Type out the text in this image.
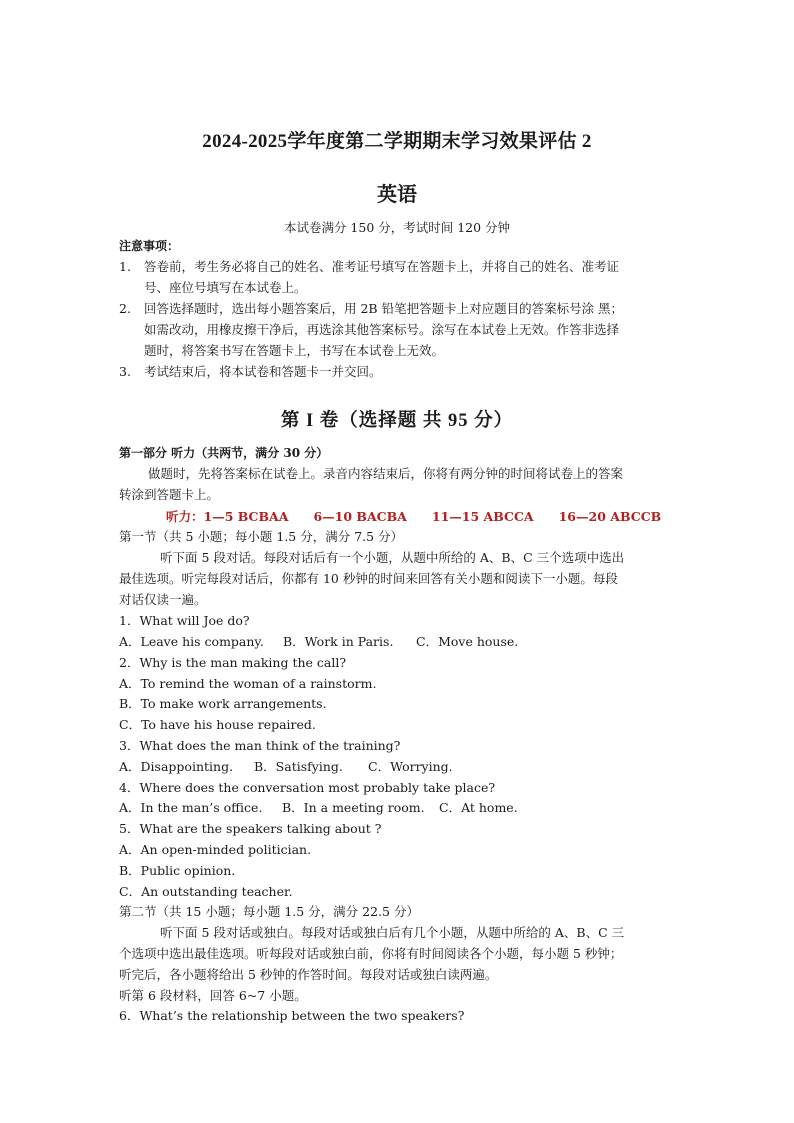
2024-2025学年度第二学期期末学习效果评估 2
英语
本试卷满分 150 分，考试时间 120 分钟
注意事项：
1. 答卷前，考生务必将自己的姓名、准考证号填写在答题卡上，并将自己的姓名、准考证
号、座位号填写在本试卷上。
2. 回答选择题时，选出每小题答案后，用 2B 铅笔把答题卡上对应题目的答案标号涂 黑；
如需改动，用橡皮擦干净后，再选涂其他答案标号。涂写在本试卷上无效。作答非选择
题时，将答案书写在答题卡上，书写在本试卷上无效。
3. 考试结束后，将本试卷和答题卡一并交回。
第 I 卷（选择题 共 95 分）
第一部分 听力（共两节，满分 30 分）
做题时，先将答案标在试卷上。录音内容结束后，你将有两分钟的时间将试卷上的答案
转涂到答题卡上。
听力：1—5 BCBAA　　6—10 BACBA　　11—15 ABCCA　　16—20 ABCCB
第一节（共 5 小题；每小题 1.5 分，满分 7.5 分）
听下面 5 段对话。每段对话后有一个小题，从题中所给的 A、B、C 三个选项中选出
最佳选项。听完每段对话后，你都有 10 秒钟的时间来回答有关小题和阅读下一小题。每段
对话仅读一遍。
1．What will Joe do?
A．Leave his company. B．Work in Paris. C．Move house.
2．Why is the man making the call?
A．To remind the woman of a rainstorm.
B．To make work arrangements.
C．To have his house repaired.
3．What does the man think of the training?
A．Disappointing. B．Satisfying. C．Worrying.
4．Where does the conversation most probably take place?
A．In the man’s office. B．In a meeting room. C．At home.
5．What are the speakers talking about ?
A．An open-minded politician.
B．Public opinion.
C．An outstanding teacher.
第二节（共 15 小题；每小题 1.5 分，满分 22.5 分）
听下面 5 段对话或独白。每段对话或独白后有几个小题，从题中所给的 A、B、C 三
个选项中选出最佳选项。听每段对话或独白前，你将有时间阅读各个小题，每小题 5 秒钟；
听完后，各小题将给出 5 秒钟的作答时间。每段对话或独白读两遍。
听第 6 段材料，回答 6~7 小题。
6．What’s the relationship between the two speakers?
